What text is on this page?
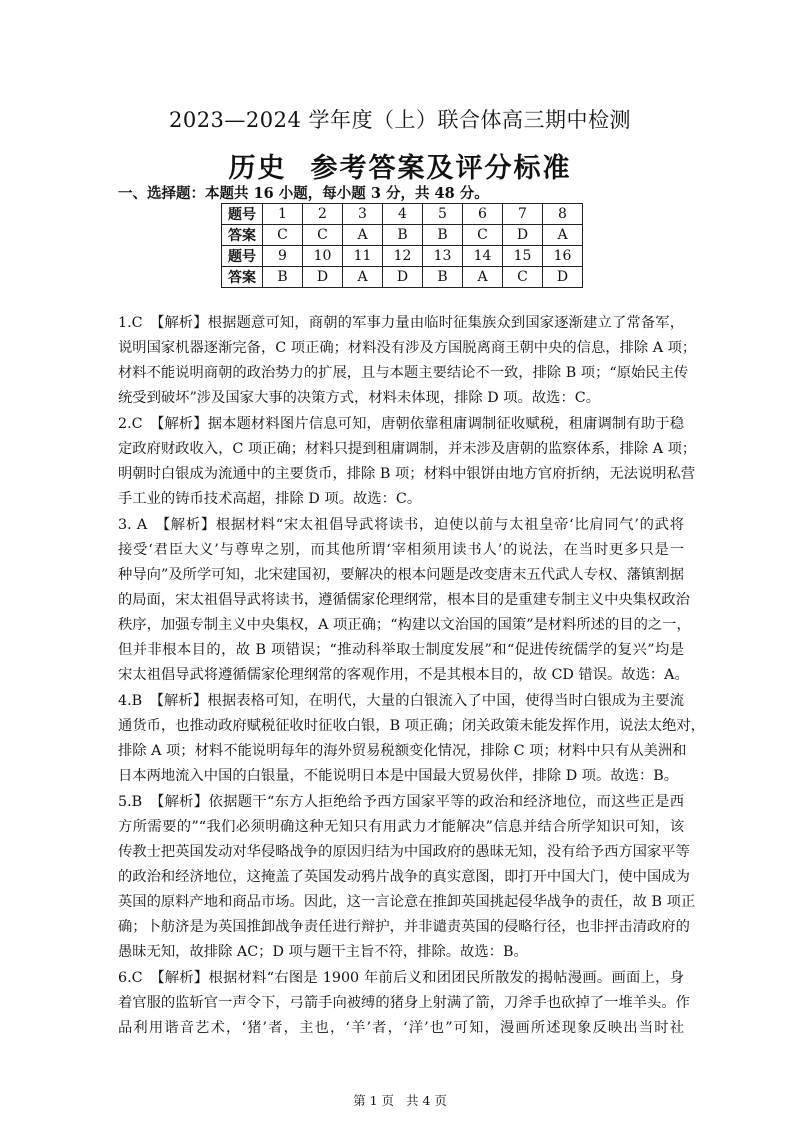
2023—2024 学年度（上）联合体高三期中检测
历史 参考答案及评分标准
一、选择题：本题共 16 小题，每小题 3 分，共 48 分。
题号	1	2	3	4	5	6	7	8
答案	C	C	A	B	B	C	D	A
题号	9	10	11	12	13	14	15	16
答案	B	D	A	D	B	A	C	D
1.C　【解析】根据题意可知，商朝的军事力量由临时征集族众到国家逐渐建立了常备军，
说明国家机器逐渐完备，C 项正确；材料没有涉及方国脱离商王朝中央的信息，排除 A 项；
材料不能说明商朝的政治势力的扩展，且与本题主要结论不一致，排除 B 项；“原始民主传
统受到破坏”涉及国家大事的决策方式，材料未体现，排除 D 项。故选：C。
2.C　【解析】据本题材料图片信息可知，唐朝依靠租庸调制征收赋税，租庸调制有助于稳
定政府财政收入，C 项正确；材料只提到租庸调制，并未涉及唐朝的监察体系，排除 A 项；
明朝时白银成为流通中的主要货币，排除 B 项；材料中银饼由地方官府折纳，无法说明私营
手工业的铸币技术高超，排除 D 项。故选：C。
3. A　【解析】根据材料“宋太祖倡导武将读书，迫使以前与太祖皇帝‘比肩同气’的武将
接受‘君臣大义’与尊卑之别，而其他所谓‘宰相须用读书人’的说法，在当时更多只是一
种导向”及所学可知，北宋建国初，要解决的根本问题是改变唐末五代武人专权、藩镇割据
的局面，宋太祖倡导武将读书，遵循儒家伦理纲常，根本目的是重建专制主义中央集权政治
秩序，加强专制主义中央集权，A 项正确；“构建以文治国的国策”是材料所述的目的之一，
但并非根本目的，故 B 项错误；“推动科举取士制度发展”和“促进传统儒学的复兴”均是
宋太祖倡导武将遵循儒家伦理纲常的客观作用，不是其根本目的，故 CD 错误。故选：A。
4.B　【解析】根据表格可知，在明代，大量的白银流入了中国，使得当时白银成为主要流
通货币，也推动政府赋税征收时征收白银，B 项正确；闭关政策未能发挥作用，说法太绝对，
排除 A 项；材料不能说明每年的海外贸易税额变化情况，排除 C 项；材料中只有从美洲和
日本两地流入中国的白银量，不能说明日本是中国最大贸易伙伴，排除 D 项。故选：B。
5.B　【解析】依据题干“东方人拒绝给予西方国家平等的政治和经济地位，而这些正是西
方所需要的”“我们必须明确这种无知只有用武力才能解决”信息并结合所学知识可知，该
传教士把英国发动对华侵略战争的原因归结为中国政府的愚昧无知，没有给予西方国家平等
的政治和经济地位，这掩盖了英国发动鸦片战争的真实意图，即打开中国大门，使中国成为
英国的原料产地和商品市场。因此，这一言论意在推卸英国挑起侵华战争的责任，故 B 项正
确；卜舫济是为英国推卸战争责任进行辩护，并非谴责英国的侵略行径，也非抨击清政府的
愚昧无知，故排除 AC；D 项与题干主旨不符，排除。故选：B。
6.C　【解析】根据材料“右图是 1900 年前后义和团团民所散发的揭帖漫画。画面上，身
着官服的监斩官一声令下，弓箭手向被缚的猪身上射满了箭，刀斧手也砍掉了一堆羊头。作
品利用谐音艺术，‘猪’者，主也，‘羊’者，‘洋’也”可知，漫画所述现象反映出当时社
第 1 页 共 4 页
